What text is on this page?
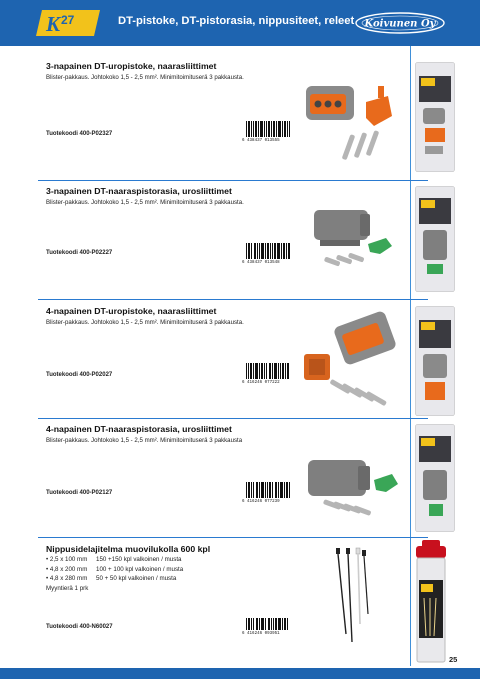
K 27	DT-pistoke, DT-pistorasia, nippusiteet, releet Koivunen Oy
3-napainen DT-uropistoke, naarasliittimet
Blister-pakkaus. Johtokoko 1,5 - 2,5 mm². Minimitoimituserä 3 pakkausta.
Tuotekoodi 400-P02327
6 438437 013555
3-napainen DT-naaraspistorasia, urosliittimet
Blister-pakkaus. Johtokoko 1,5 - 2,5 mm². Minimitoimituserä 3 pakkausta.
Tuotekoodi 400-P02227
6 438437 013548
4-napainen DT-uropistoke, naarasliittimet
Blister-pakkaus. Johtokoko 1,5 - 2,5 mm². Minimitoimituserä 3 pakkausta.
Tuotekoodi 400-P02027
6 416246 077222
4-napainen DT-naaraspistorasia, urosliittimet
Blister-pakkaus. Johtokoko 1,5 - 2,5 mm². Minimitoimituserä 3 pakkausta
Tuotekoodi 400-P02127
6 416246 077239
Nippusidelajitelma muovilukolla 600 kpl
• 2,5 x 100 mm	150 +150 kpl valkoinen / musta
• 4,8 x 200 mm	100 + 100 kpl valkoinen / musta
• 4,8 x 280 mm	50 + 50 kpl valkoinen / musta
Myyntierä 1 prk
Tuotekoodi 400-N60027
6 416246 093951
25
